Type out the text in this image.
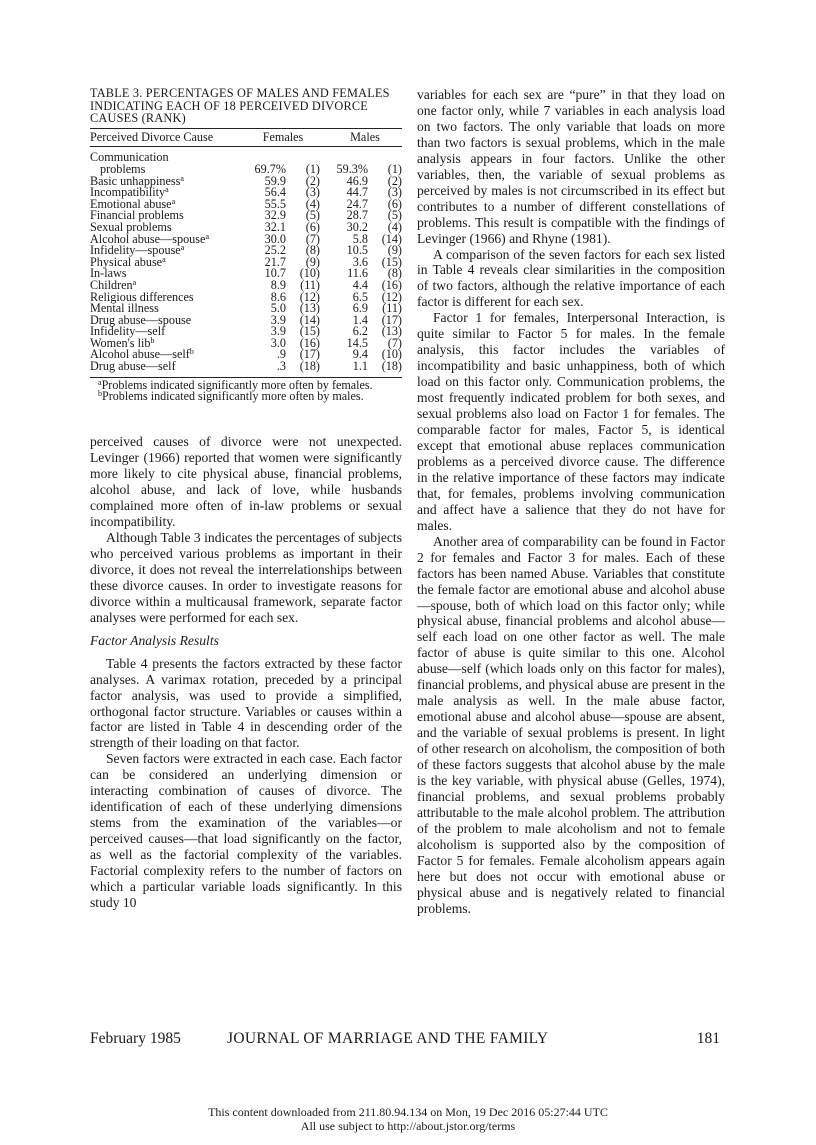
TABLE 3. PERCENTAGES OF MALES AND FEMALES INDICATING EACH OF 18 PERCEIVED DIVORCE CAUSES (RANK)
Perceived Divorce Cause	Females				Males		
Communication							
problems	69.7%		(1)		59.3%		(1)
Basic unhappiness$^a$	59.9		(2)		46.9		(2)
Incompatibility$^a$	56.4		(3)		44.7		(3)
Emotional abuse$^a$	55.5		(4)		24.7		(6)
Financial problems	32.9		(5)		28.7		(5)
Sexual problems	32.1		(6)		30.2		(4)
Alcohol abuse—spouse$^a$	30.0		(7)		5.8		(14)
Infidelity—spouse$^a$	25.2		(8)		10.5		(9)
Physical abuse$^a$	21.7		(9)		3.6		(15)
In-laws	10.7		(10)		11.6		(8)
Children$^a$	8.9		(11)		4.4		(16)
Religious differences	8.6		(12)		6.5		(12)
Mental illness	5.0		(13)		6.9		(11)
Drug abuse—spouse	3.9		(14)		1.4		(17)
Infidelity—self	3.9		(15)		6.2		(13)
Women's lib$^b$	3.0		(16)		14.5		(7)
Alcohol abuse—self$^b$	.9		(17)		9.4		(10)
Drug abuse—self	.3		(18)		1.1		(18)

$^a$Problems indicated significantly more often by females.

$^b$Problems indicated significantly more often by males.

perceived causes of divorce were not unexpected. Levinger (1966) reported that women were significantly more likely to cite physical abuse, financial problems, alcohol abuse, and lack of love, while husbands complained more often of in-law problems or sexual incompatibility.

Although Table 3 indicates the percentages of subjects who perceived various problems as important in their divorce, it does not reveal the interrelationships between these divorce causes. In order to investigate reasons for divorce within a multicausal framework, separate factor analyses were performed for each sex.

Factor Analysis Results

Table 4 presents the factors extracted by these factor analyses. A varimax rotation, preceded by a principal factor analysis, was used to provide a simplified, orthogonal factor structure. Variables or causes within a factor are listed in Table 4 in descending order of the strength of their loading on that factor.

Seven factors were extracted in each case. Each factor can be considered an underlying dimension or interacting combination of causes of divorce. The identification of each of these underlying dimensions stems from the examination of the variables—or perceived causes—that load significantly on the factor, as well as the factorial complexity of the variables. Factorial complexity refers to the number of factors on which a particular variable loads significantly. In this study 10

variables for each sex are “pure” in that they load on one factor only, while 7 variables in each analysis load on two factors. The only variable that loads on more than two factors is sexual problems, which in the male analysis appears in four factors. Unlike the other variables, then, the variable of sexual problems as perceived by males is not circumscribed in its effect but contributes to a number of different constellations of problems. This result is compatible with the findings of Levinger (1966) and Rhyne (1981).

A comparison of the seven factors for each sex listed in Table 4 reveals clear similarities in the composition of two factors, although the relative importance of each factor is different for each sex.

Factor 1 for females, Interpersonal Interaction, is quite similar to Factor 5 for males. In the female analysis, this factor includes the variables of incompatibility and basic unhappiness, both of which load on this factor only. Communication problems, the most frequently indicated problem for both sexes, and sexual problems also load on Factor 1 for females. The comparable factor for males, Factor 5, is identical except that emotional abuse replaces communication problems as a perceived divorce cause. The difference in the relative importance of these factors may indicate that, for females, problems involving communication and affect have a salience that they do not have for males.

Another area of comparability can be found in Factor 2 for females and Factor 3 for males. Each of these factors has been named Abuse. Variables that constitute the female factor are emotional abuse and alcohol abuse—spouse, both of which load on this factor only; while physical abuse, financial problems and alcohol abuse—self each load on one other factor as well. The male factor of abuse is quite similar to this one. Alcohol abuse—self (which loads only on this factor for males), financial problems, and physical abuse are present in the male analysis as well. In the male abuse factor, emotional abuse and alcohol abuse—spouse are absent, and the variable of sexual problems is present. In light of other research on alcoholism, the composition of both of these factors suggests that alcohol abuse by the male is the key variable, with physical abuse (Gelles, 1974), financial problems, and sexual problems probably attributable to the male alcohol problem. The attribution of the problem to male alcoholism and not to female alcoholism is supported also by the composition of Factor 5 for females. Female alcoholism appears again here but does not occur with emotional abuse or physical abuse and is negatively related to financial problems.

February 1985	JOURNAL OF MARRIAGE AND THE FAMILY	181
This content downloaded from 211.80.94.134 on Mon, 19 Dec 2016 05:27:44 UTC
All use subject to http://about.jstor.org/terms
